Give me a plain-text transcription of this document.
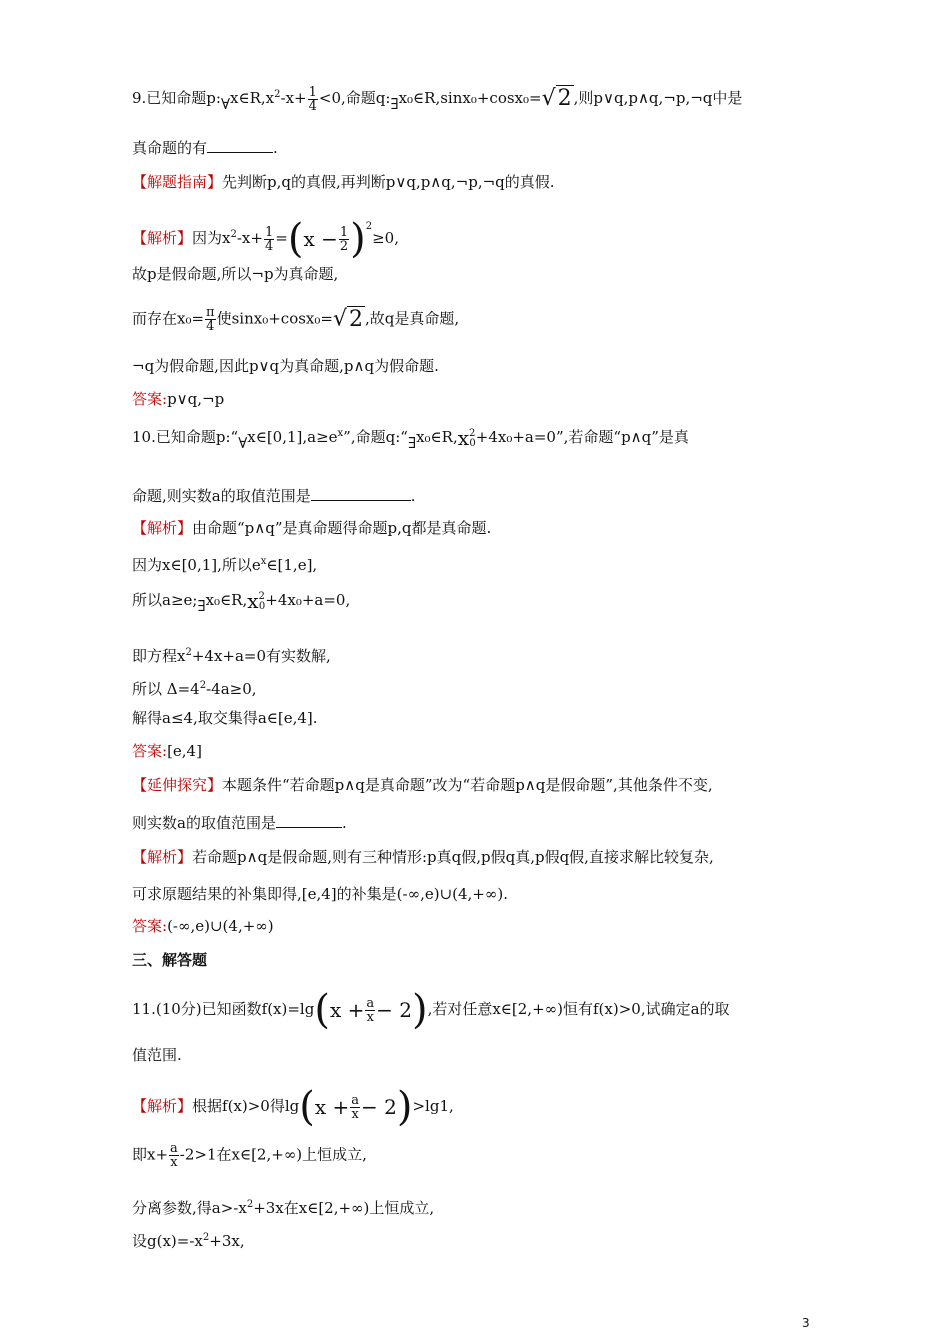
9.已知命题$p:\forall x\in R,x^2-x+ \frac{1}{4} <0$,命题q:∃x₀∈R,sinx₀+cosx₀=√2 ,则p∨q,p∧q,¬p,¬q中是
真命题的有	.
【解题指南】先判断p,q的真假,再判断p∨q,p∧q,¬p,¬q的真假.
【解析】因为$x^2-x+ \frac{1}{4} =(x - \frac{1}{2} )^2\ge 0$,
故p是假命题,所以¬p为真命题,
而存在$x_0= \frac{\pi}{4}$ 使sinx₀+cosx₀=√2 ,故q是真命题,
¬q为假命题,因此p∨q为真命题,p∧q为假命题.
答案:p∨q,¬p
10.已知命题$p:“\forall x\in[0,1],a\ge e^x$”,命题$q:“\exists x_0\in R,x^2_0+4x_0+a=0$”,若命题“p∧q”是真
命题,则实数a的取值范围是	.
【解析】由命题“p∧q”是真命题得命题p,q都是真命题.
因为x∈[0,1],所以$e^x\in[1,e]$,
所以$a\ge e;\exists x_0\in R,x^2_0+4x_0+a=0$,
即方程$x^2+4x+a=0$有实数解,
所以 $\Delta=4^2-4a\ge 0$,
解得a≤4,取交集得a∈[e,4].
答案:[e,4]
【延伸探究】本题条件“若命题p∧q是真命题”改为“若命题p∧q是假命题”,其他条件不变,
则实数a的取值范围是	.
【解析】若命题p∧q是假命题,则有三种情形:p真q假,p假q真,p假q假,直接求解比较复杂,
可求原题结果的补集即得,[e,4]的补集是(-∞,e)∪(4,+∞).
答案:(-∞,e)∪(4,+∞)
三、解答题
11.(10分)已知函数$f(x)=\lg(x + \frac{a}{x} - 2)$,若对任意x∈[2,+∞)恒有f(x)>0,试确定a的取
值范围.
【解析】根据f(x)>0得$\lg(x + \frac{a}{x} - 2)>\lg 1$,
即$x+ \frac{a}{x} -2>1$在x∈[2,+∞)上恒成立,
分离参数,得$a>-x^2+3x$在x∈[2,+∞)上恒成立,
设$g(x)=-x^2+3x$,
3
